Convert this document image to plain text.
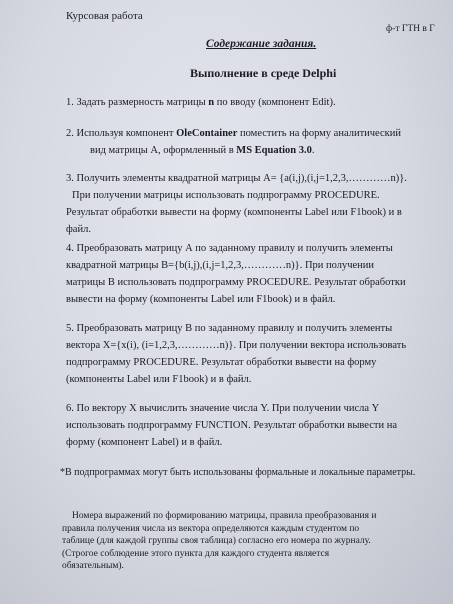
Курсовая работа
ф-т ГТН в Г
Содержание задания.
Выполнение в среде Delphi
1. Задать размерность матрицы n по вводу (компонент Edit).
2. Используя компонент OleContainer поместить на форму аналитический
вид матрицы А, оформленный в MS Equation 3.0.
3. Получить элементы квадратной матрицы А= {a(i,j),(i,j=1,2,3,…………n)}.
При получении матрицы использовать подпрограмму PROCEDURE.
Результат обработки вывести на форму (компоненты Label или F1book) и в
файл.
4. Преобразовать матрицу А по заданному правилу и получить элементы
квадратной матрицы В={b(i,j),(i,j=1,2,3,…………n)}. При получении
матрицы В использовать подпрограмму PROCEDURE. Результат обработки
вывести на форму (компоненты Label или F1book) и в файл.
5. Преобразовать матрицу В по заданному правилу и получить элементы
вектора Х={x(i), (i=1,2,3,…………n)}. При получении вектора использовать
подпрограмму PROCEDURE. Результат обработки вывести на форму
(компоненты Label или F1book) и в файл.
6. По вектору Х вычислить значение числа Y. При получении числа Y
использовать подпрограмму FUNCTION. Результат обработки вывести на
форму (компонент Label) и в файл.
*В подпрограммах могут быть использованы формальные и локальные параметры.
Номера выражений по формированию матрицы, правила преобразования и
правила получения числа из вектора определяются каждым студентом по
таблице (для каждой группы своя таблица) согласно его номера по журналу.
(Строгое соблюдение этого пункта для каждого студента является
обязательным).
